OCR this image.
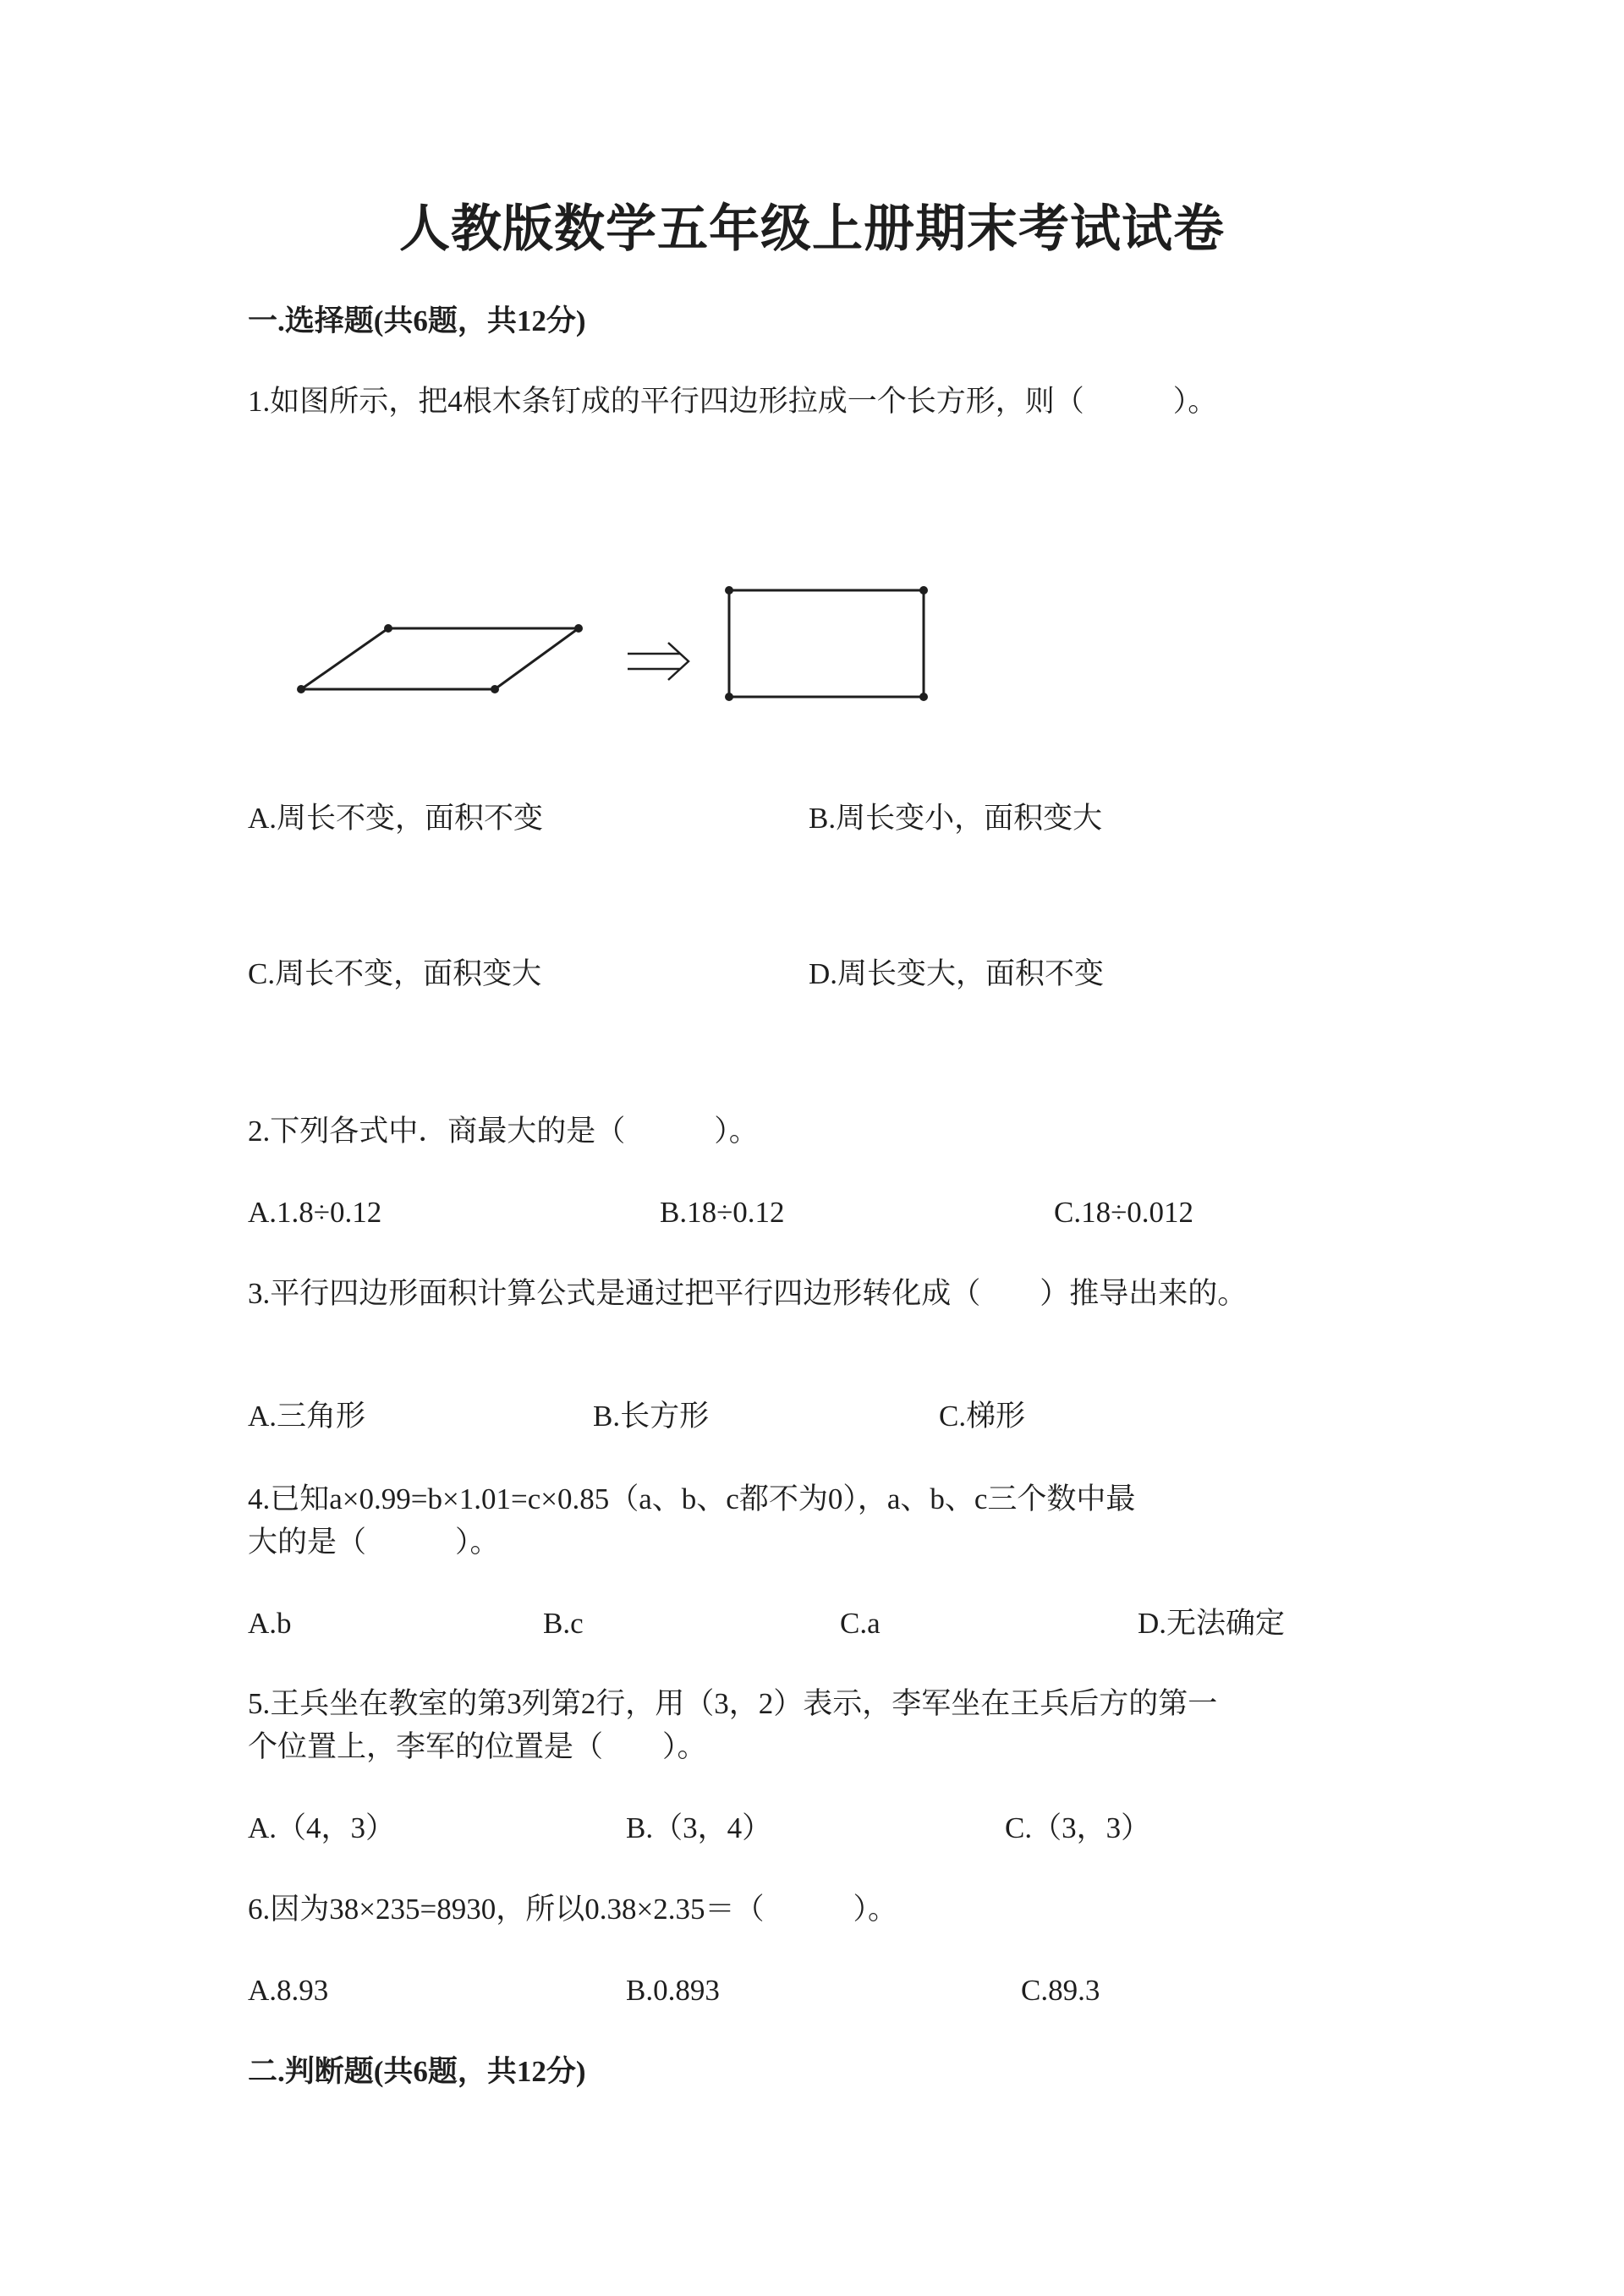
人教版数学五年级上册期末考试试卷
一.选择题(共6题，共12分)
1.如图所示，把4根木条钉成的平行四边形拉成一个长方形，则（　　　）。
A.周长不变，面积不变	B.周长变小，面积变大
C.周长不变，面积变大	D.周长变大，面积不变
2.下列各式中．商最大的是（　　　）。
A.1.8÷0.12	B.18÷0.12	C.18÷0.012
3.平行四边形面积计算公式是通过把平行四边形转化成（　　）推导出来的。
A.三角形	B.长方形	C.梯形
4.已知a×0.99=b×1.01=c×0.85（a、b、c都不为0），a、b、c三个数中最
大的是（　　　）。
A.b	B.c	C.a	D.无法确定
5.王兵坐在教室的第3列第2行，用（3，2）表示，李军坐在王兵后方的第一
个位置上，李军的位置是（　　）。
A.（4，3）	B.（3，4）	C.（3，3）
6.因为38×235=8930，所以0.38×2.35＝（　　　）。
A.8.93	B.0.893	C.89.3
二.判断题(共6题，共12分)
